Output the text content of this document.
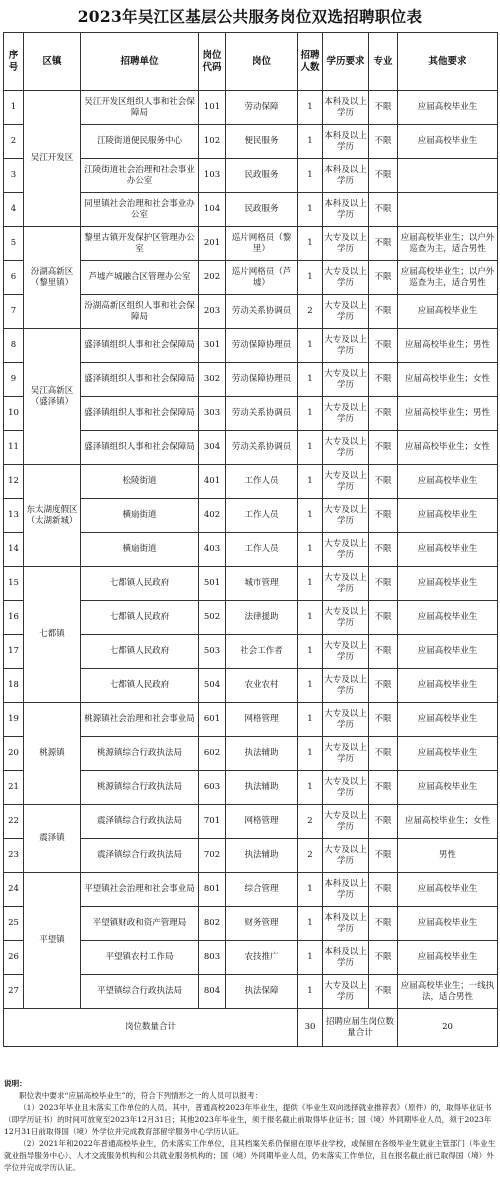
2023年吴江区基层公共服务岗位双选招聘职位表
序号	区镇	招聘单位	岗位代码	岗位	招聘人数	学历要求	专业	其他要求
1	吴江开发区	吴江开发区组织人事和社会保障局	101	劳动保障	1	本科及以上学历	不限	应届高校毕业生
2		江陵街道便民服务中心	102	便民服务	1	本科及以上学历	不限	应届高校毕业生
3		江陵街道社会治理和社会事业办公室	103	民政服务	1	本科及以上学历	不限	
4		同里镇社会治理和社会事业办公室	104	民政服务	1	本科及以上学历	不限	
5	汾湖高新区（黎里镇）	黎里古镇开发保护区管理办公室	201	巡片网格员（黎里）	1	大专及以上学历	不限	应届高校毕业生；以户外巡查为主，适合男性
6		芦墟产城融合区管理办公室	202	巡片网格员（芦墟）	1	大专及以上学历	不限	应届高校毕业生；以户外巡查为主，适合男性
7		汾湖高新区组织人事和社会保障局	203	劳动关系协调员	2	大专及以上学历	不限	应届高校毕业生
8	吴江高新区（盛泽镇）	盛泽镇组织人事和社会保障局	301	劳动保障协理员	1	大专及以上学历	不限	应届高校毕业生；男性
9		盛泽镇组织人事和社会保障局	302	劳动保障协理员	1	大专及以上学历	不限	应届高校毕业生；女性
10		盛泽镇组织人事和社会保障局	303	劳动关系协调员	1	大专及以上学历	不限	应届高校毕业生；男性
11		盛泽镇组织人事和社会保障局	304	劳动关系协调员	1	大专及以上学历	不限	应届高校毕业生；女性
12	东太湖度假区（太湖新城）	松陵街道	401	工作人员	1	大专及以上学历	不限	应届高校毕业生
13		横扇街道	402	工作人员	1	大专及以上学历	不限	应届高校毕业生
14		横扇街道	403	工作人员	1	大专及以上学历	不限	应届高校毕业生
15	七都镇	七都镇人民政府	501	城市管理	1	大专及以上学历	不限	应届高校毕业生
16		七都镇人民政府	502	法律援助	1	大专及以上学历	不限	应届高校毕业生
17		七都镇人民政府	503	社会工作者	1	大专及以上学历	不限	应届高校毕业生
18		七都镇人民政府	504	农业农村	1	大专及以上学历	不限	应届高校毕业生
19	桃源镇	桃源镇社会治理和社会事业局	601	网格管理	1	大专及以上学历	不限	应届高校毕业生
20		桃源镇综合行政执法局	602	执法辅助	1	大专及以上学历	不限	应届高校毕业生
21		桃源镇综合行政执法局	603	执法辅助	1	大专及以上学历	不限	应届高校毕业生
22	震泽镇	震泽镇综合行政执法局	701	网格管理	2	大专及以上学历	不限	应届高校毕业生；女性
23		震泽镇综合行政执法局	702	执法辅助	2	大专及以上学历	不限	男性
24	平望镇	平望镇社会治理和社会事业局	801	综合管理	1	本科及以上学历	不限	应届高校毕业生
25		平望镇财政和资产管理局	802	财务管理	1	本科及以上学历	不限	应届高校毕业生
26		平望镇农村工作局	803	农技推广	1	本科及以上学历	不限	应届高校毕业生
27		平望镇综合行政执法局	804	执法保障	1	大专及以上学历	不限	应届高校毕业生；一线执法，适合男性
岗位数量合计					30	招聘应届生岗位数量合计		20

说明：

职位表中要求“应届高校毕业生”的，符合下列情形之一的人员可以报考：

（1）2023年毕业且未落实工作单位的人员。其中，普通高校2023年毕业生，提供《毕业生双向选择就业推荐表》（原件）的，取得毕业证书（即学历证书）的时间可放宽至2023年12月31日；其他2023年毕业生，须于报名截止前取得毕业证书；国（境）外同期毕业人员，须于2023年12月31日前取得国（境）外学位并完成教育部留学服务中心学历认证。

（2）2021年和2022年普通高校毕业生，仍未落实工作单位，且其档案关系仍保留在原毕业学校，或保留在各级毕业生就业主管部门（毕业生就业指导服务中心）、人才交流服务机构和公共就业服务机构的；国（境）外同期毕业人员，仍未落实工作单位，且在报名截止前已取得国（境）外学位并完成学历认证。
